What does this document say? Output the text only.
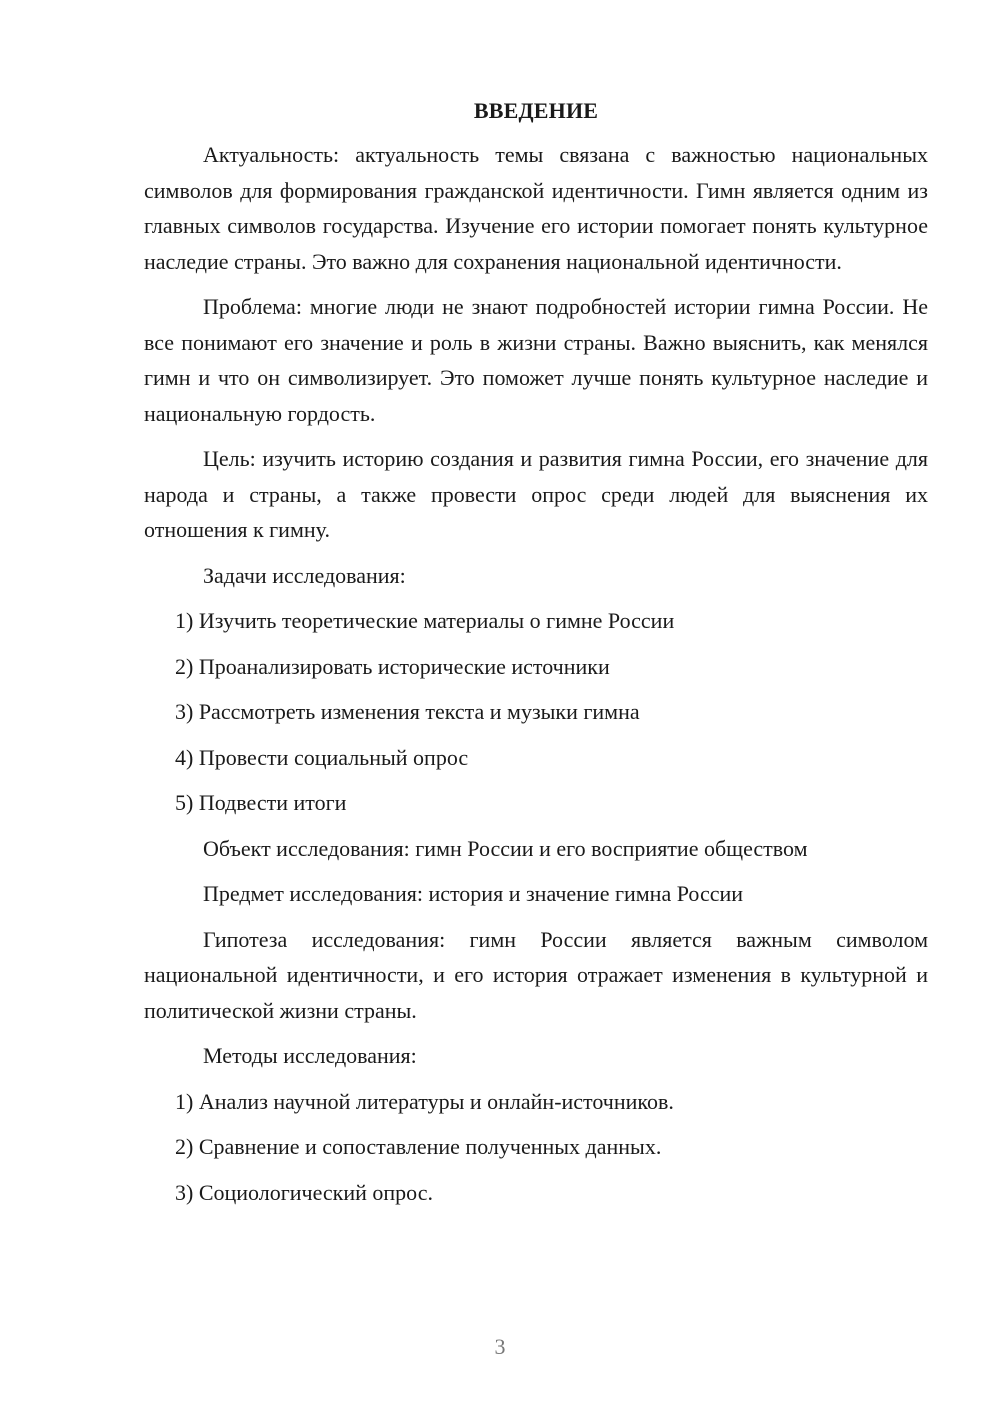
ВВЕДЕНИЕ

Актуальность: актуальность темы связана с важностью национальных символов для формирования гражданской идентичности. Гимн является одним из главных символов государства. Изучение его истории помогает понять культурное наследие страны. Это важно для сохранения национальной идентичности.

Проблема: многие люди не знают подробностей истории гимна России. Не все понимают его значение и роль в жизни страны. Важно выяснить, как менялся гимн и что он символизирует. Это поможет лучше понять культурное наследие и национальную гордость.

Цель: изучить историю создания и развития гимна России, его значение для народа и страны, а также провести опрос среди людей для выяснения их отношения к гимну.

Задачи исследования:

1) Изучить теоретические материалы о гимне России
2) Проанализировать исторические источники
3) Рассмотреть изменения текста и музыки гимна
4) Провести социальный опрос
5) Подвести итоги

Объект исследования: гимн России и его восприятие обществом

Предмет исследования: история и значение гимна России

Гипотеза исследования: гимн России является важным символом национальной идентичности, и его история отражает изменения в культурной и политической жизни страны.

Методы исследования:

1) Анализ научной литературы и онлайн-источников.
2) Сравнение и сопоставление полученных данных.
3) Социологический опрос.
3
